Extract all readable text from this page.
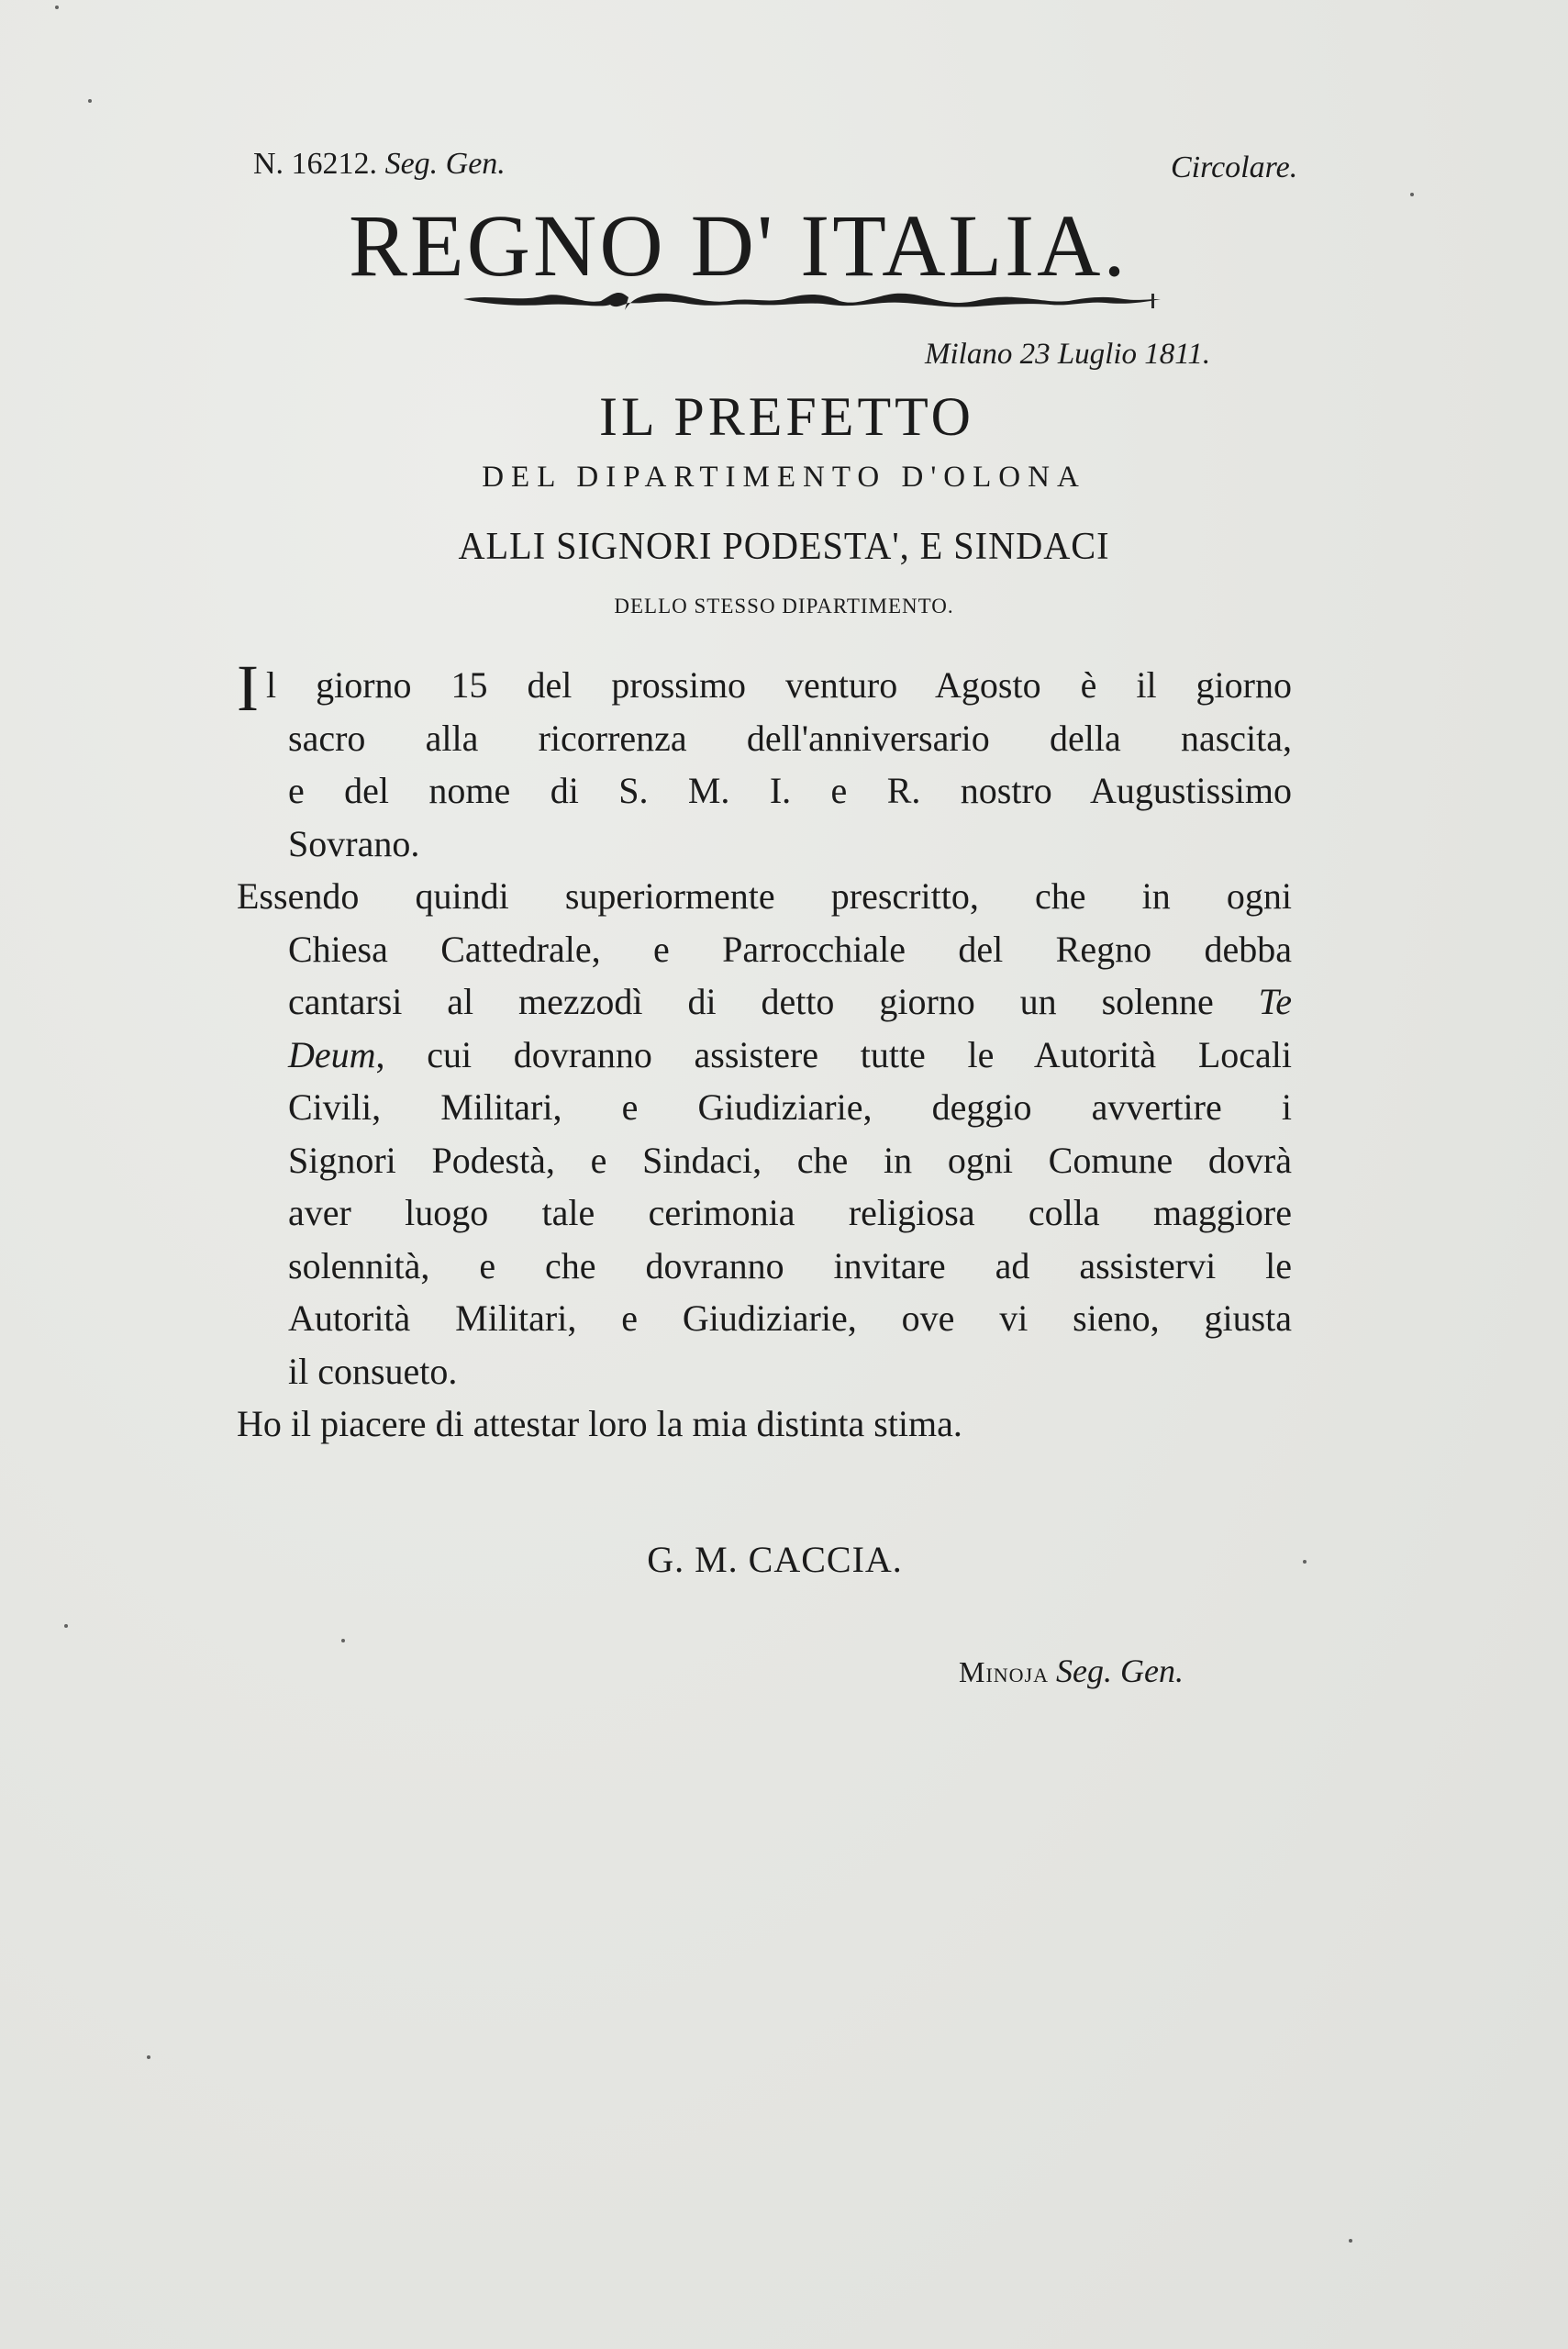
N. 16212. Seg. Gen.	Circolare.
REGNO D' ITALIA.
Milano 23 Luglio 1811.
IL PREFETTO
DEL DIPARTIMENTO D'OLONA
ALLI SIGNORI PODESTA', E SINDACI
DELLO STESSO DIPARTIMENTO.
Il giorno 15 del prossimo venturo Agosto è il giorno
sacro alla ricorrenza dell'anniversario della nascita,
e del nome di S. M. I. e R. nostro Augustissimo
Sovrano.
Essendo quindi superiormente prescritto, che in ogni
Chiesa Cattedrale, e Parrocchiale del Regno debba
cantarsi al mezzodì di detto giorno un solenne Te
Deum, cui dovranno assistere tutte le Autorità Locali
Civili, Militari, e Giudiziarie, deggio avvertire i
Signori Podestà, e Sindaci, che in ogni Comune dovrà
aver luogo tale cerimonia religiosa colla maggiore
solennità, e che dovranno invitare ad assistervi le
Autorità Militari, e Giudiziarie, ove vi sieno, giusta
il consueto.
Ho il piacere di attestar loro la mia distinta stima.
G. M. CACCIA.
Minoja Seg. Gen.
